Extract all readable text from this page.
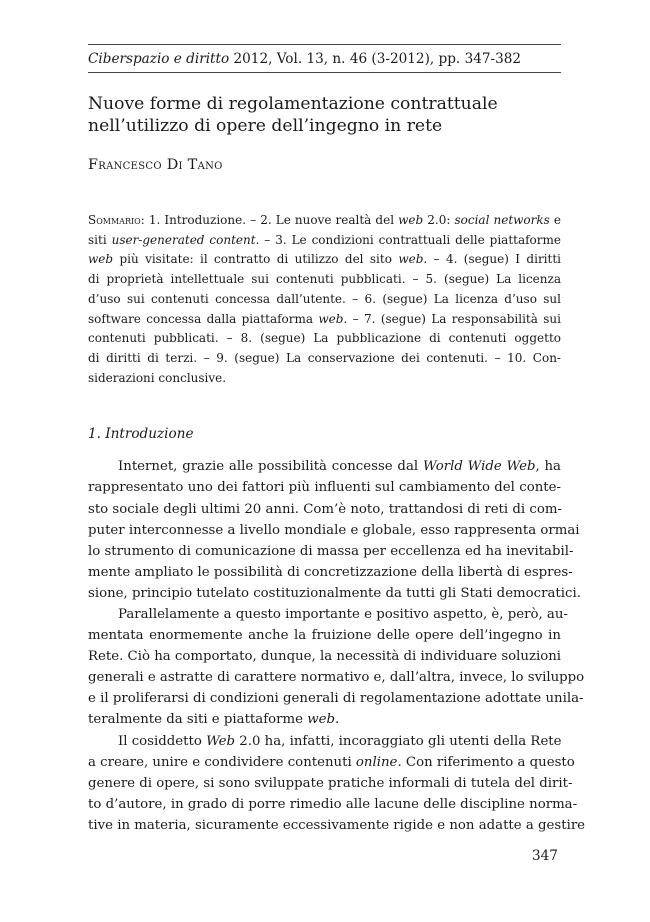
Ciberspazio e diritto 2012, Vol. 13, n. 46 (3-2012), pp. 347-382
Nuove forme di regolamentazione contrattuale
nell’utilizzo di opere dell’ingegno in rete
Francesco Di Tano
Sommario: 1. Introduzione. – 2. Le nuove realtà del web 2.0: social networks e
siti user-generated content. – 3. Le condizioni contrattuali delle piattaforme
web più visitate: il contratto di utilizzo del sito web. – 4. (segue) I diritti
di proprietà intellettuale sui contenuti pubblicati. – 5. (segue) La licenza
d’uso sui contenuti concessa dall’utente. – 6. (segue) La licenza d’uso sul
software concessa dalla piattaforma web. – 7. (segue) La responsabilità sui
contenuti pubblicati. – 8. (segue) La pubblicazione di contenuti oggetto
di diritti di terzi. – 9. (segue) La conservazione dei contenuti. – 10. Con-
siderazioni conclusive.
1. Introduzione
Internet, grazie alle possibilità concesse dal World Wide Web, ha
rappresentato uno dei fattori più influenti sul cambiamento del conte-
sto sociale degli ultimi 20 anni. Com’è noto, trattandosi di reti di com-
puter interconnesse a livello mondiale e globale, esso rappresenta ormai
lo strumento di comunicazione di massa per eccellenza ed ha inevitabil-
mente ampliato le possibilità di concretizzazione della libertà di espres-
sione, principio tutelato costituzionalmente da tutti gli Stati democratici.
Parallelamente a questo importante e positivo aspetto, è, però, au-
mentata enormemente anche la fruizione delle opere dell’ingegno in
Rete. Ciò ha comportato, dunque, la necessità di individuare soluzioni
generali e astratte di carattere normativo e, dall’altra, invece, lo sviluppo
e il proliferarsi di condizioni generali di regolamentazione adottate unila-
teralmente da siti e piattaforme web.
Il cosiddetto Web 2.0 ha, infatti, incoraggiato gli utenti della Rete
a creare, unire e condividere contenuti online. Con riferimento a questo
genere di opere, si sono sviluppate pratiche informali di tutela del dirit-
to d’autore, in grado di porre rimedio alle lacune delle discipline norma-
tive in materia, sicuramente eccessivamente rigide e non adatte a gestire
347
